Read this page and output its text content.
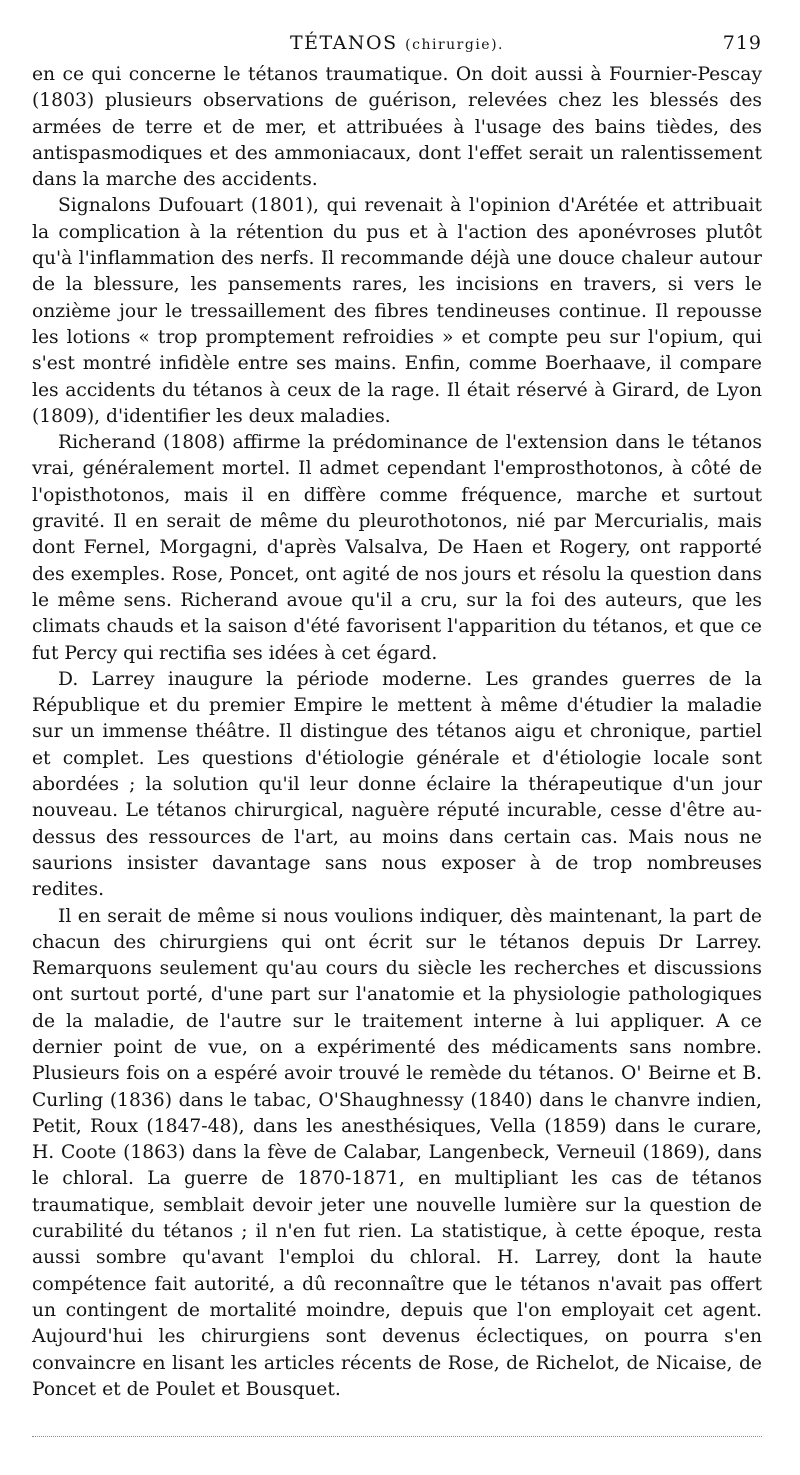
TÉTANOS (chirurgie).	719

en ce qui concerne le tétanos traumatique. On doit aussi à Fournier-Pescay (1803) plusieurs observations de guérison, relevées chez les blessés des armées de terre et de mer, et attribuées à l'usage des bains tièdes, des antispasmodiques et des ammoniacaux, dont l'effet serait un ralentissement dans la marche des accidents.

Signalons Dufouart (1801), qui revenait à l'opinion d'Arétée et attribuait la complication à la rétention du pus et à l'action des aponévroses plutôt qu'à l'inflammation des nerfs. Il recommande déjà une douce chaleur autour de la blessure, les pansements rares, les incisions en travers, si vers le onzième jour le tressaillement des fibres tendineuses continue. Il repousse les lotions « trop promptement refroidies » et compte peu sur l'opium, qui s'est montré infidèle entre ses mains. Enfin, comme Boerhaave, il compare les accidents du tétanos à ceux de la rage. Il était réservé à Girard, de Lyon (1809), d'identifier les deux maladies.

Richerand (1808) affirme la prédominance de l'extension dans le tétanos vrai, généralement mortel. Il admet cependant l'emprosthotonos, à côté de l'opisthotonos, mais il en diffère comme fréquence, marche et surtout gravité. Il en serait de même du pleurothotonos, nié par Mercurialis, mais dont Fernel, Morgagni, d'après Valsalva, De Haen et Rogery, ont rapporté des exemples. Rose, Poncet, ont agité de nos jours et résolu la question dans le même sens. Richerand avoue qu'il a cru, sur la foi des auteurs, que les climats chauds et la saison d'été favorisent l'apparition du tétanos, et que ce fut Percy qui rectifia ses idées à cet égard.

D. Larrey inaugure la période moderne. Les grandes guerres de la République et du premier Empire le mettent à même d'étudier la maladie sur un immense théâtre. Il distingue des tétanos aigu et chronique, partiel et complet. Les questions d'étiologie générale et d'étiologie locale sont abordées ; la solution qu'il leur donne éclaire la thérapeutique d'un jour nouveau. Le tétanos chirurgical, naguère réputé incurable, cesse d'être au-dessus des ressources de l'art, au moins dans certain cas. Mais nous ne saurions insister davantage sans nous exposer à de trop nombreuses redites.

Il en serait de même si nous voulions indiquer, dès maintenant, la part de chacun des chirurgiens qui ont écrit sur le tétanos depuis Dr Larrey. Remarquons seulement qu'au cours du siècle les recherches et discussions ont surtout porté, d'une part sur l'anatomie et la physiologie pathologiques de la maladie, de l'autre sur le traitement interne à lui appliquer. A ce dernier point de vue, on a expérimenté des médicaments sans nombre. Plusieurs fois on a espéré avoir trouvé le remède du tétanos. O' Beirne et B. Curling (1836) dans le tabac, O'Shaughnessy (1840) dans le chanvre indien, Petit, Roux (1847-48), dans les anesthésiques, Vella (1859) dans le curare, H. Coote (1863) dans la fève de Calabar, Langenbeck, Verneuil (1869), dans le chloral. La guerre de 1870-1871, en multipliant les cas de tétanos traumatique, semblait devoir jeter une nouvelle lumière sur la question de curabilité du tétanos ; il n'en fut rien. La statistique, à cette époque, resta aussi sombre qu'avant l'emploi du chloral. H. Larrey, dont la haute compétence fait autorité, a dû reconnaître que le tétanos n'avait pas offert un contingent de mortalité moindre, depuis que l'on employait cet agent. Aujourd'hui les chirurgiens sont devenus éclectiques, on pourra s'en convaincre en lisant les articles récents de Rose, de Richelot, de Nicaise, de Poncet et de Poulet et Bousquet.
